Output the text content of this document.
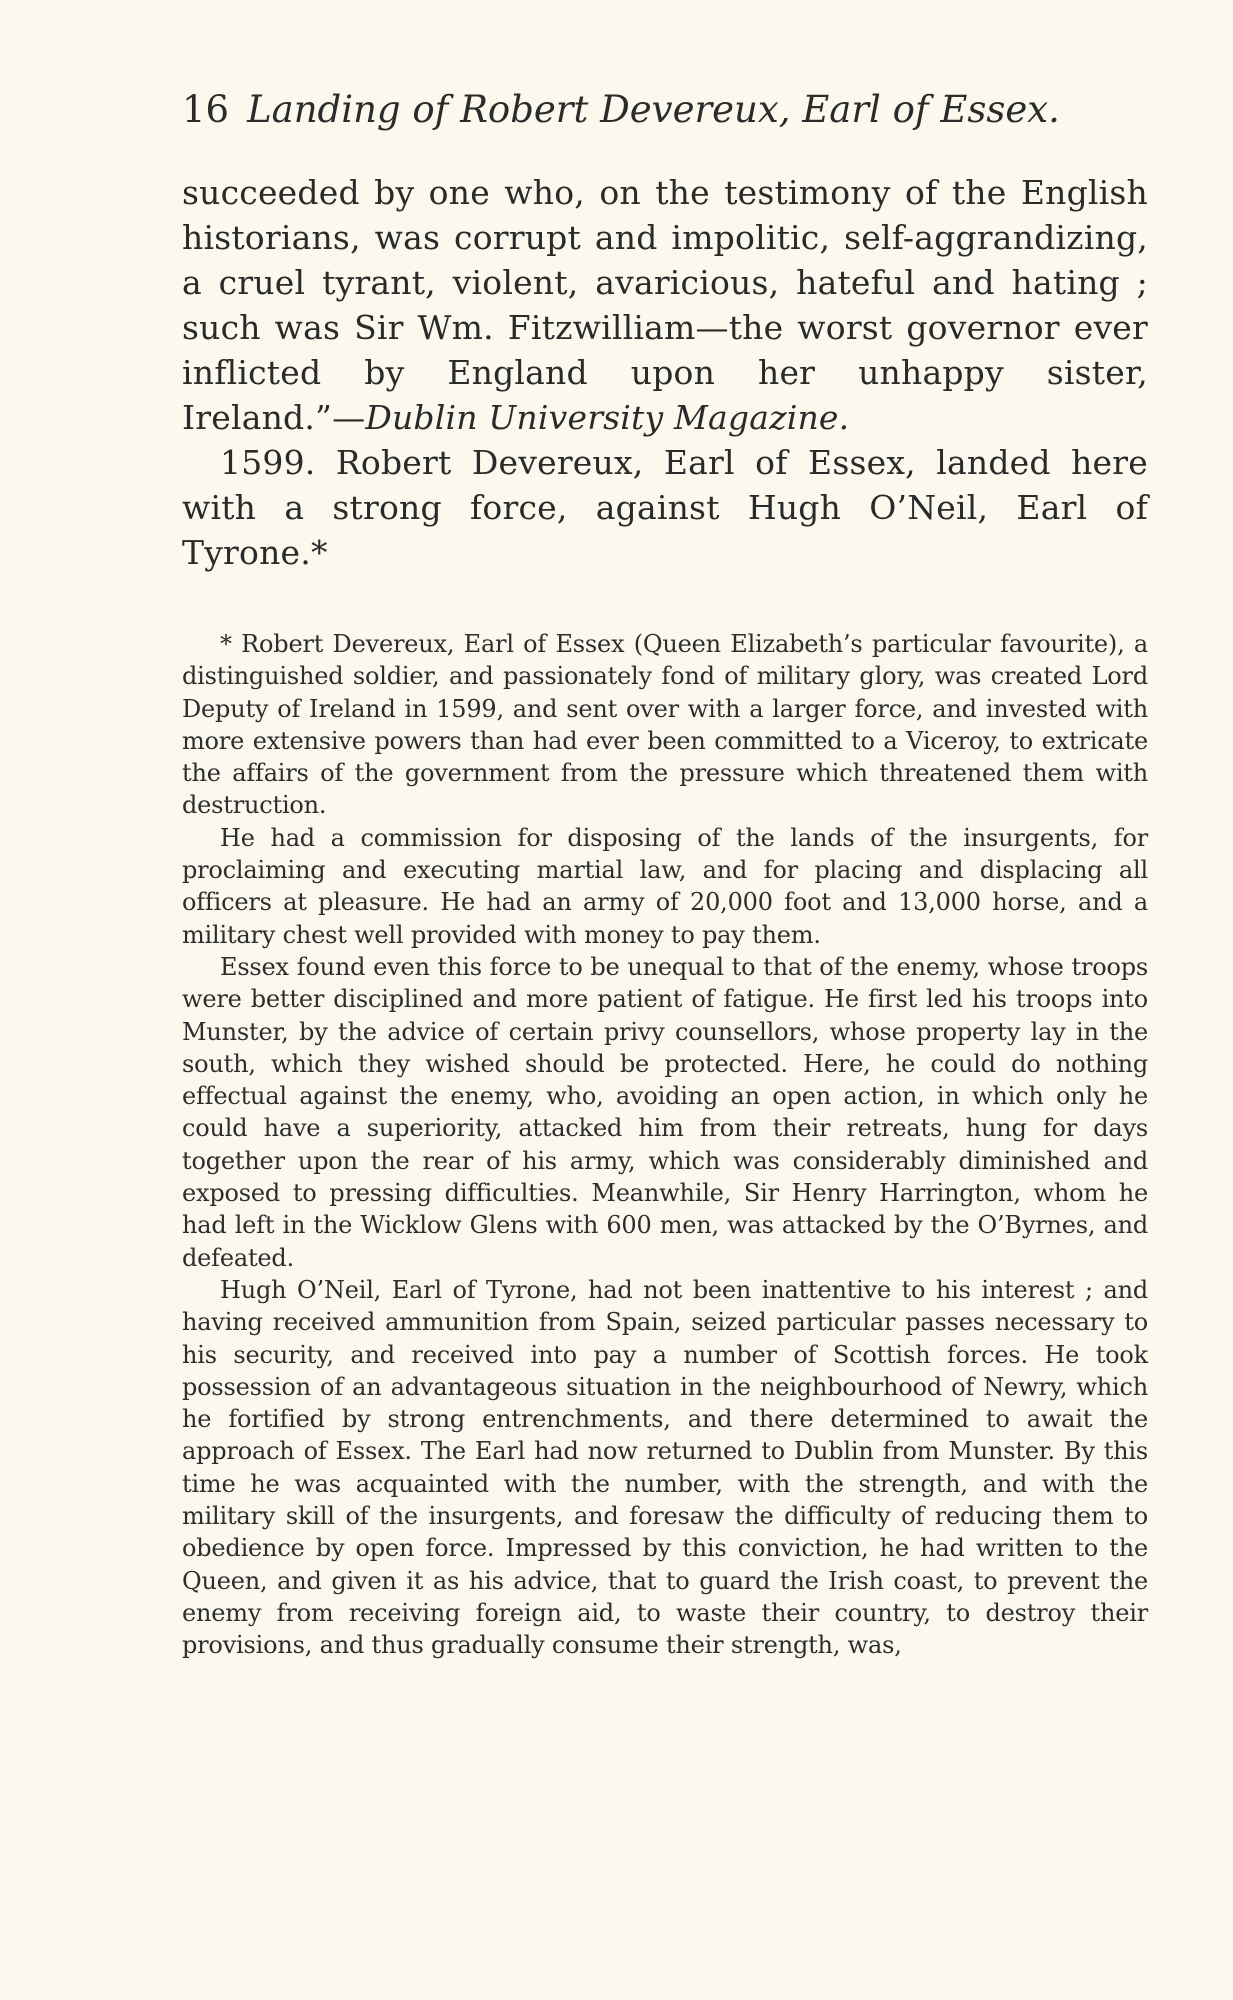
16 Landing of Robert Devereux, Earl of Essex.

succeeded by one who, on the testimony of the English historians, was corrupt and impolitic, self-aggrandizing, a cruel tyrant, violent, avaricious, hateful and hating ; such was Sir Wm. Fitzwilliam—the worst governor ever inflicted by England upon her unhappy sister, Ireland.”—Dublin University Magazine.

1599. Robert Devereux, Earl of Essex, landed here with a strong force, against Hugh O’Neil, Earl of Tyrone.*

* Robert Devereux, Earl of Essex (Queen Elizabeth’s particular favourite), a distinguished soldier, and passionately fond of military glory, was created Lord Deputy of Ireland in 1599, and sent over with a larger force, and invested with more extensive powers than had ever been committed to a Viceroy, to extricate the affairs of the government from the pressure which threatened them with destruction.

He had a commission for disposing of the lands of the insurgents, for proclaiming and executing martial law, and for placing and displacing all officers at pleasure. He had an army of 20,000 foot and 13,000 horse, and a military chest well provided with money to pay them.

Essex found even this force to be unequal to that of the enemy, whose troops were better disciplined and more patient of fatigue. He first led his troops into Munster, by the advice of certain privy counsellors, whose property lay in the south, which they wished should be protected. Here, he could do nothing effectual against the enemy, who, avoiding an open action, in which only he could have a superiority, attacked him from their retreats, hung for days together upon the rear of his army, which was considerably diminished and exposed to pressing difficulties. Meanwhile, Sir Henry Harrington, whom he had left in the Wicklow Glens with 600 men, was attacked by the O’Byrnes, and defeated.

Hugh O’Neil, Earl of Tyrone, had not been inattentive to his interest ; and having received ammunition from Spain, seized particular passes necessary to his security, and received into pay a number of Scottish forces. He took possession of an advantageous situation in the neighbourhood of Newry, which he fortified by strong entrenchments, and there determined to await the approach of Essex. The Earl had now returned to Dublin from Munster. By this time he was acquainted with the number, with the strength, and with the military skill of the insurgents, and foresaw the difficulty of reducing them to obedience by open force. Impressed by this conviction, he had written to the Queen, and given it as his advice, that to guard the Irish coast, to prevent the enemy from receiving foreign aid, to waste their country, to destroy their provisions, and thus gradually consume their strength, was,
